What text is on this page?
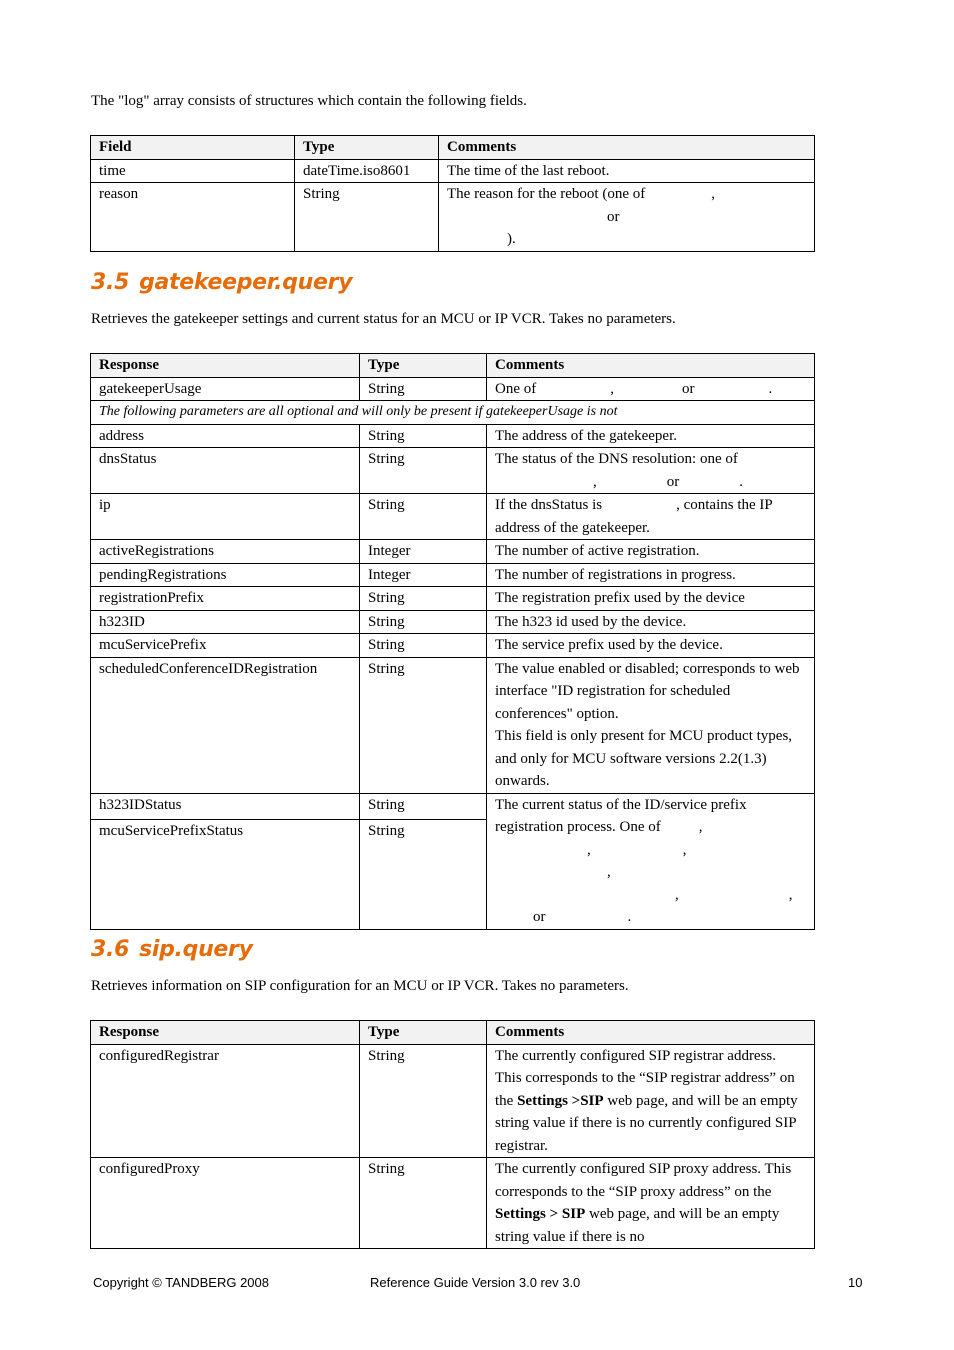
The "log" array consists of structures which contain the following fields.
Field	Type	Comments
time	dateTime.iso8601	The time of the last reboot.
reason	String	The reason for the reboot (one of ,
or
).
3.5 gatekeeper.query
Retrieves the gatekeeper settings and current status for an MCU or IP VCR. Takes no parameters.
Response	Type	Comments
gatekeeperUsage	String	One of , or .
The following parameters are all optional and will only be present if gatekeeperUsage is not		
address	String	The address of the gatekeeper.
dnsStatus	String	The status of the DNS resolution: one of
, or .
ip	String	If the dnsStatus is , contains the IP address of the gatekeeper.
activeRegistrations	Integer	The number of active registration.
pendingRegistrations	Integer	The number of registrations in progress.
registrationPrefix	String	The registration prefix used by the device
h323ID	String	The h323 id used by the device.
mcuServicePrefix	String	The service prefix used by the device.
scheduledConferenceIDRegistration	String	The value enabled or disabled; corresponds to web interface "ID registration for scheduled conferences" option.
This field is only present for MCU product types, and only for MCU software versions 2.2(1.3) onwards.
h323IDStatus	String	The current status of the ID/service prefix registration process. One of ,
, ,
,
, ,
or .
mcuServicePrefixStatus	String	
3.6 sip.query
Retrieves information on SIP configuration for an MCU or IP VCR. Takes no parameters.
Response	Type	Comments
configuredRegistrar	String	The currently configured SIP registrar address. This corresponds to the “SIP registrar address” on the Settings >SIP web page, and will be an empty string value if there is no currently configured SIP registrar.
configuredProxy	String	The currently configured SIP proxy address. This corresponds to the “SIP proxy address” on the Settings > SIP web page, and will be an empty string value if there is no
Copyright © TANDBERG 2008	Reference Guide Version 3.0 rev 3.0	10
